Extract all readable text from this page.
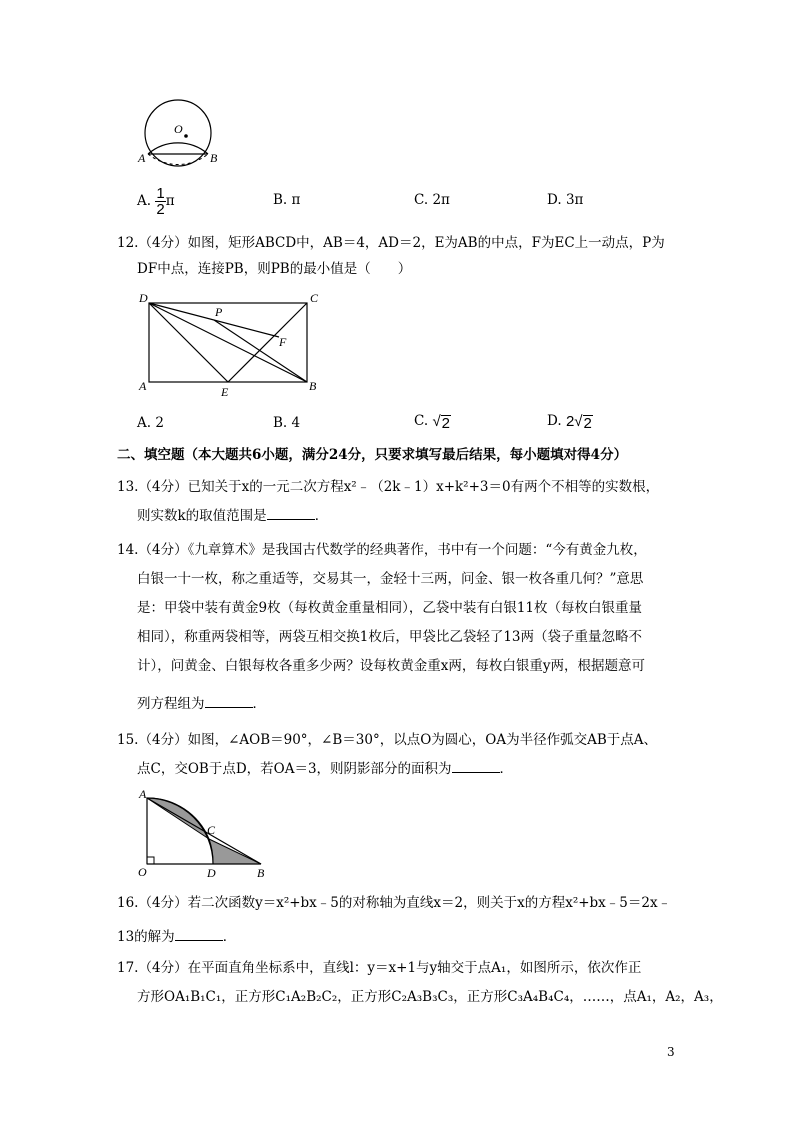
O
A	B
A. $\frac{1}{2}$ π	B. π	C. 2π	D. 3π
12.（4分）如图，矩形ABCD中，AB＝4，AD＝2，E为AB的中点，F为EC上一动点，P为
DF中点，连接PB，则PB的最小值是（　　）
D	C
P
F
A	E	B
A. 2	B. 4	C. √ 2	D. 2 √ 2
二、填空题（本大题共6小题，满分24分，只要求填写最后结果，每小题填对得4分）
13.（4分）已知关于x的一元二次方程x²﹣（2k﹣1）x+k²+3＝0有两个不相等的实数根，
则实数k的取值范围是	．
14.（4分）《九章算术》是我国古代数学的经典著作，书中有一个问题：“今有黄金九枚，
白银一十一枚，称之重适等，交易其一，金轻十三两，问金、银一枚各重几何？”意思
是：甲袋中装有黄金9枚（每枚黄金重量相同），乙袋中装有白银11枚（每枚白银重量
相同），称重两袋相等，两袋互相交换1枚后，甲袋比乙袋轻了13两（袋子重量忽略不
计），问黄金、白银每枚各重多少两？设每枚黄金重x两，每枚白银重y两，根据题意可
列方程组为	．
15.（4分）如图，∠AOB＝90°，∠B＝30°，以点O为圆心，OA为半径作弧交AB于点A、
点C，交OB于点D，若OA＝3，则阴影部分的面积为	．
A
C
O	D	B
16.（4分）若二次函数y＝x²+bx﹣5的对称轴为直线x＝2，则关于x的方程x²+bx﹣5＝2x﹣
13的解为	．
17.（4分）在平面直角坐标系中，直线l：y＝x+1与y轴交于点A₁，如图所示，依次作正
方形OA₁B₁C₁，正方形C₁A₂B₂C₂，正方形C₂A₃B₃C₃，正方形C₃A₄B₄C₄，……，点A₁，A₂，A₃，
3
